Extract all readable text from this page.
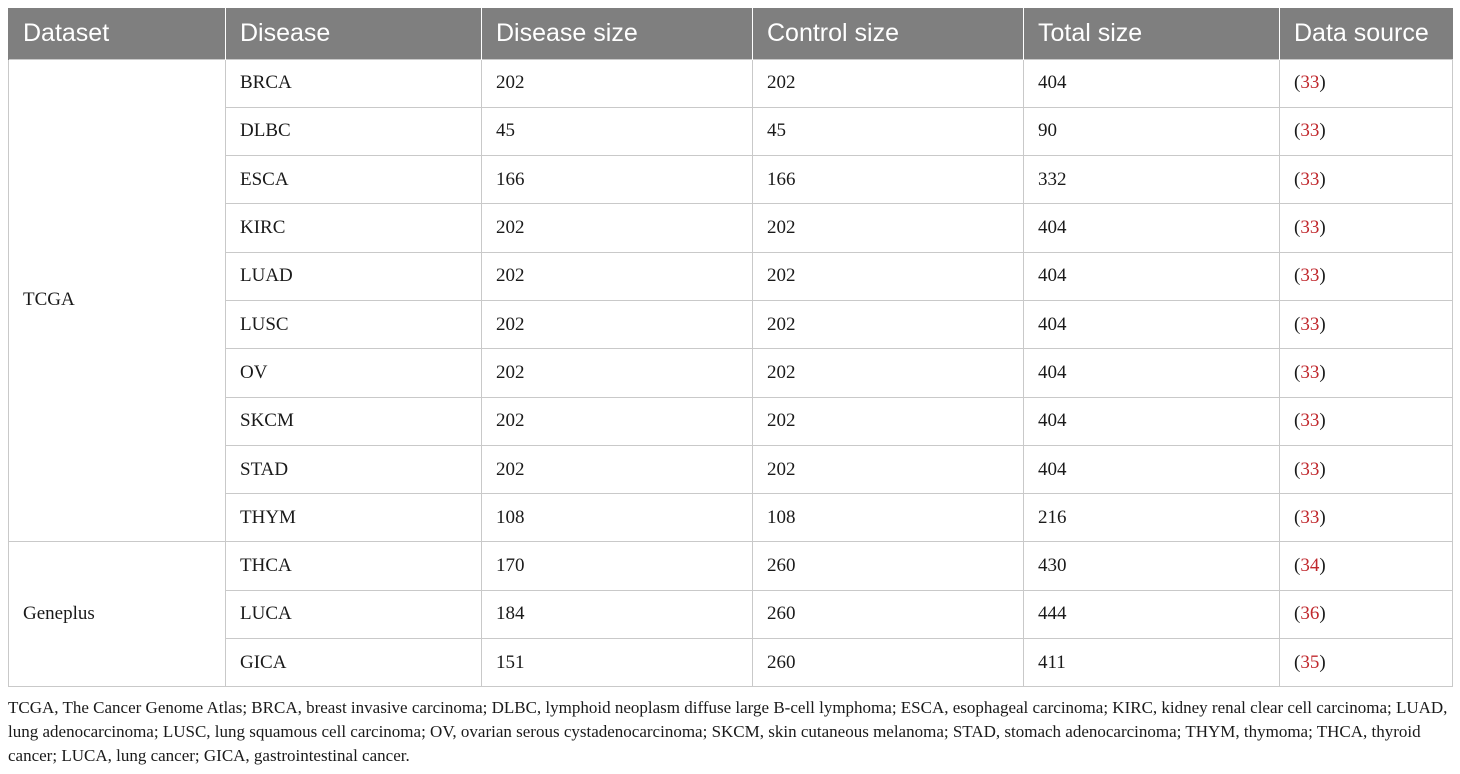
Dataset	Disease	Disease size	Control size	Total size	Data source
TCGA	BRCA	202	202	404	(33)
	DLBC	45	45	90	(33)
	ESCA	166	166	332	(33)
	KIRC	202	202	404	(33)
	LUAD	202	202	404	(33)
	LUSC	202	202	404	(33)
	OV	202	202	404	(33)
	SKCM	202	202	404	(33)
	STAD	202	202	404	(33)
	THYM	108	108	216	(33)
Geneplus	THCA	170	260	430	(34)
	LUCA	184	260	444	(36)
	GICA	151	260	411	(35)
TCGA, The Cancer Genome Atlas; BRCA, breast invasive carcinoma; DLBC, lymphoid neoplasm diffuse large B-cell lymphoma; ESCA, esophageal carcinoma; KIRC, kidney renal clear cell carcinoma; LUAD, lung adenocarcinoma; LUSC, lung squamous cell carcinoma; OV, ovarian serous cystadenocarcinoma; SKCM, skin cutaneous melanoma; STAD, stomach adenocarcinoma; THYM, thymoma; THCA, thyroid cancer; LUCA, lung cancer; GICA, gastrointestinal cancer.
